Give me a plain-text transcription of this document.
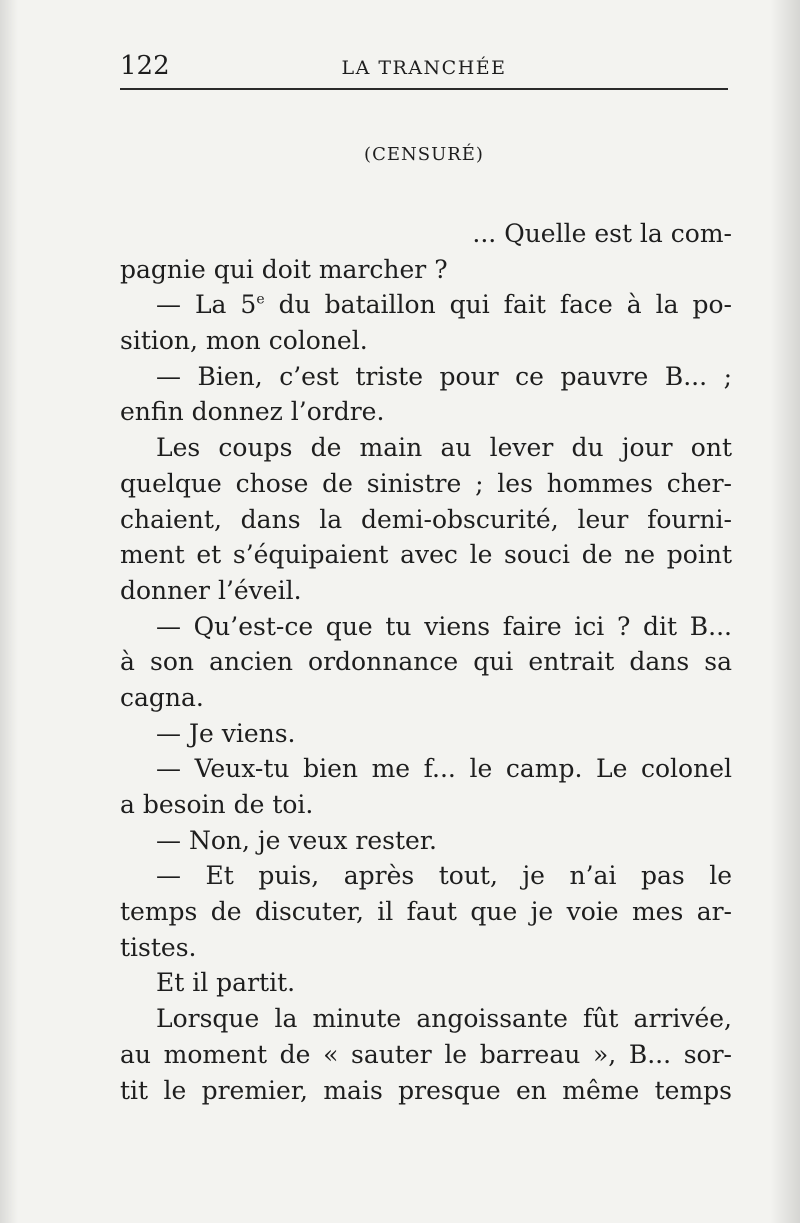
122	LA TRANCHÉE
(CENSURÉ)
... Quelle est la com-
pagnie qui doit marcher ?
— La 5e du bataillon qui fait face à la po-
sition, mon colonel.
— Bien, c’est triste pour ce pauvre B... ;
enfin donnez l’ordre.
Les coups de main au lever du jour ont
quelque chose de sinistre ; les hommes cher-
chaient, dans la demi-obscurité, leur fourni-
ment et s’équipaient avec le souci de ne point
donner l’éveil.
— Qu’est-ce que tu viens faire ici ? dit B...
à son ancien ordonnance qui entrait dans sa
cagna.
— Je viens.
— Veux-tu bien me f... le camp. Le colonel
a besoin de toi.
— Non, je veux rester.
— Et puis, après tout, je n’ai pas le
temps de discuter, il faut que je voie mes ar-
tistes.
Et il partit.
Lorsque la minute angoissante fût arrivée,
au moment de « sauter le barreau », B... sor-
tit le premier, mais presque en même temps
